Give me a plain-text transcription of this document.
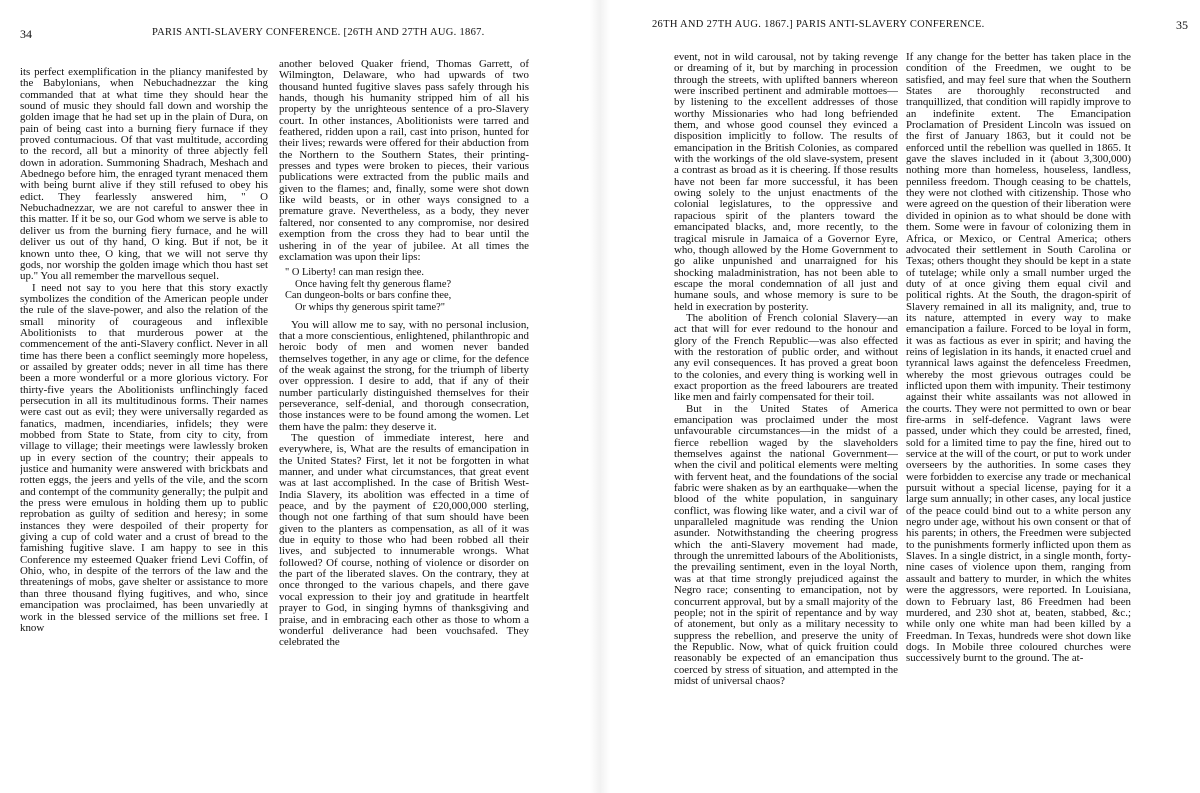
34	PARIS ANTI-SLAVERY CONFERENCE. [26TH AND 27TH AUG. 1867.

its perfect exemplification in the pliancy manifested by the Babylonians, when Nebuchadnezzar the king commanded that at what time they should hear the sound of music they should fall down and worship the golden image that he had set up in the plain of Dura, on pain of being cast into a burning fiery furnace if they proved contumacious. Of that vast multitude, according to the record, all but a minority of three abjectly fell down in adoration. Summoning Shadrach, Meshach and Abednego before him, the enraged tyrant menaced them with being burnt alive if they still refused to obey his edict. They fearlessly answered him, " O Nebuchadnezzar, we are not careful to answer thee in this matter. If it be so, our God whom we serve is able to deliver us from the burning fiery furnace, and he will deliver us out of thy hand, O king. But if not, be it known unto thee, O king, that we will not serve thy gods, nor worship the golden image which thou hast set up." You all remember the marvellous sequel.

I need not say to you here that this story exactly symbolizes the condition of the American people under the rule of the slave-power, and also the relation of the small minority of courageous and inflexible Abolitionists to that murderous power at the commencement of the anti-Slavery conflict. Never in all time has there been a conflict seemingly more hopeless, or assailed by greater odds; never in all time has there been a more wonderful or a more glorious victory. For thirty-five years the Abolitionists unflinchingly faced persecution in all its multitudinous forms. Their names were cast out as evil; they were universally regarded as fanatics, madmen, incendiaries, infidels; they were mobbed from State to State, from city to city, from village to village; their meetings were lawlessly broken up in every section of the country; their appeals to justice and humanity were answered with brickbats and rotten eggs, the jeers and yells of the vile, and the scorn and contempt of the community generally; the pulpit and the press were emulous in holding them up to public reprobation as guilty of sedition and heresy; in some instances they were despoiled of their property for giving a cup of cold water and a crust of bread to the famishing fugitive slave. I am happy to see in this Conference my esteemed Quaker friend Levi Coffin, of Ohio, who, in despite of the terrors of the law and the threatenings of mobs, gave shelter or assistance to more than three thousand flying fugitives, and who, since emancipation was proclaimed, has been unvariedly at work in the blessed service of the millions set free. I know

another beloved Quaker friend, Thomas Garrett, of Wilmington, Delaware, who had upwards of two thousand hunted fugitive slaves pass safely through his hands, though his humanity stripped him of all his property by the unrighteous sentence of a pro-Slavery court. In other instances, Abolitionists were tarred and feathered, ridden upon a rail, cast into prison, hunted for their lives; rewards were offered for their abduction from the Northern to the Southern States, their printing-presses and types were broken to pieces, their various publications were extracted from the public mails and given to the flames; and, finally, some were shot down like wild beasts, or in other ways consigned to a premature grave. Nevertheless, as a body, they never faltered, nor consented to any compromise, nor desired exemption from the cross they had to bear until the ushering in of the year of jubilee. At all times the exclamation was upon their lips:

" O Liberty! can man resign thee.
Once having felt thy generous flame?
Can dungeon-bolts or bars confine thee,
Or whips thy generous spirit tame?"

You will allow me to say, with no personal inclusion, that a more conscientious, enlightened, philanthropic and heroic body of men and women never banded themselves together, in any age or clime, for the defence of the weak against the strong, for the triumph of liberty over oppression. I desire to add, that if any of their number particularly distinguished themselves for their perseverance, self-denial, and thorough consecration, those instances were to be found among the women. Let them have the palm: they deserve it.

The question of immediate interest, here and everywhere, is, What are the results of emancipation in the United States? First, let it not be forgotten in what manner, and under what circumstances, that great event was at last accomplished. In the case of British West-India Slavery, its abolition was effected in a time of peace, and by the payment of £20,000,000 sterling, though not one farthing of that sum should have been given to the planters as compensation, as all of it was due in equity to those who had been robbed all their lives, and subjected to innumerable wrongs. What followed? Of course, nothing of violence or disorder on the part of the liberated slaves. On the contrary, they at once thronged to the various chapels, and there gave vocal expression to their joy and gratitude in heartfelt prayer to God, in singing hymns of thanksgiving and praise, and in embracing each other as those to whom a wonderful deliverance had been vouchsafed. They celebrated the

26TH AND 27TH AUG. 1867.] PARIS ANTI-SLAVERY CONFERENCE.	35

event, not in wild carousal, not by taking revenge or dreaming of it, but by marching in procession through the streets, with uplifted banners whereon were inscribed pertinent and admirable mottoes—by listening to the excellent addresses of those worthy Missionaries who had long befriended them, and whose good counsel they evinced a disposition implicitly to follow. The results of emancipation in the British Colonies, as compared with the workings of the old slave-system, present a contrast as broad as it is cheering. If those results have not been far more successful, it has been owing solely to the unjust enactments of the colonial legislatures, to the oppressive and rapacious spirit of the planters toward the emancipated blacks, and, more recently, to the tragical misrule in Jamaica of a Governor Eyre, who, though allowed by the Home Government to go alike unpunished and unarraigned for his shocking maladministration, has not been able to escape the moral condemnation of all just and humane souls, and whose memory is sure to be held in execration by posterity.

The abolition of French colonial Slavery—an act that will for ever redound to the honour and glory of the French Republic—was also effected with the restoration of public order, and without any evil consequences. It has proved a great boon to the colonies, and every thing is working well in exact proportion as the freed labourers are treated like men and fairly compensated for their toil.

But in the United States of America emancipation was proclaimed under the most unfavourable circumstances—in the midst of a fierce rebellion waged by the slaveholders themselves against the national Government—when the civil and political elements were melting with fervent heat, and the foundations of the social fabric were shaken as by an earthquake—when the blood of the white population, in sanguinary conflict, was flowing like water, and a civil war of unparalleled magnitude was rending the Union asunder. Notwithstanding the cheering progress which the anti-Slavery movement had made, through the unremitted labours of the Abolitionists, the prevailing sentiment, even in the loyal North, was at that time strongly prejudiced against the Negro race; consenting to emancipation, not by concurrent approval, but by a small majority of the people; not in the spirit of repentance and by way of atonement, but only as a military necessity to suppress the rebellion, and preserve the unity of the Republic. Now, what of quick fruition could reasonably be expected of an emancipation thus coerced by stress of situation, and attempted in the midst of universal chaos?

If any change for the better has taken place in the condition of the Freedmen, we ought to be satisfied, and may feel sure that when the Southern States are thoroughly reconstructed and tranquillized, that condition will rapidly improve to an indefinite extent. The Emancipation Proclamation of President Lincoln was issued on the first of January 1863, but it could not be enforced until the rebellion was quelled in 1865. It gave the slaves included in it (about 3,300,000) nothing more than homeless, houseless, landless, penniless freedom. Though ceasing to be chattels, they were not clothed with citizenship. Those who were agreed on the question of their liberation were divided in opinion as to what should be done with them. Some were in favour of colonizing them in Africa, or Mexico, or Central America; others advocated their settlement in South Carolina or Texas; others thought they should be kept in a state of tutelage; while only a small number urged the duty of at once giving them equal civil and political rights. At the South, the dragon-spirit of Slavery remained in all its malignity, and, true to its nature, attempted in every way to make emancipation a failure. Forced to be loyal in form, it was as factious as ever in spirit; and having the reins of legislation in its hands, it enacted cruel and tyrannical laws against the defenceless Freedmen, whereby the most grievous outrages could be inflicted upon them with impunity. Their testimony against their white assailants was not allowed in the courts. They were not permitted to own or bear fire-arms in self-defence. Vagrant laws were passed, under which they could be arrested, fined, sold for a limited time to pay the fine, hired out to service at the will of the court, or put to work under overseers by the authorities. In some cases they were forbidden to exercise any trade or mechanical pursuit without a special license, paying for it a large sum annually; in other cases, any local justice of the peace could bind out to a white person any negro under age, without his own consent or that of his parents; in others, the Freedmen were subjected to the punishments formerly inflicted upon them as Slaves. In a single district, in a single month, forty-nine cases of violence upon them, ranging from assault and battery to murder, in which the whites were the aggressors, were reported. In Louisiana, down to February last, 86 Freedmen had been murdered, and 230 shot at, beaten, stabbed, &c.; while only one white man had been killed by a Freedman. In Texas, hundreds were shot down like dogs. In Mobile three coloured churches were successively burnt to the ground. The at-
